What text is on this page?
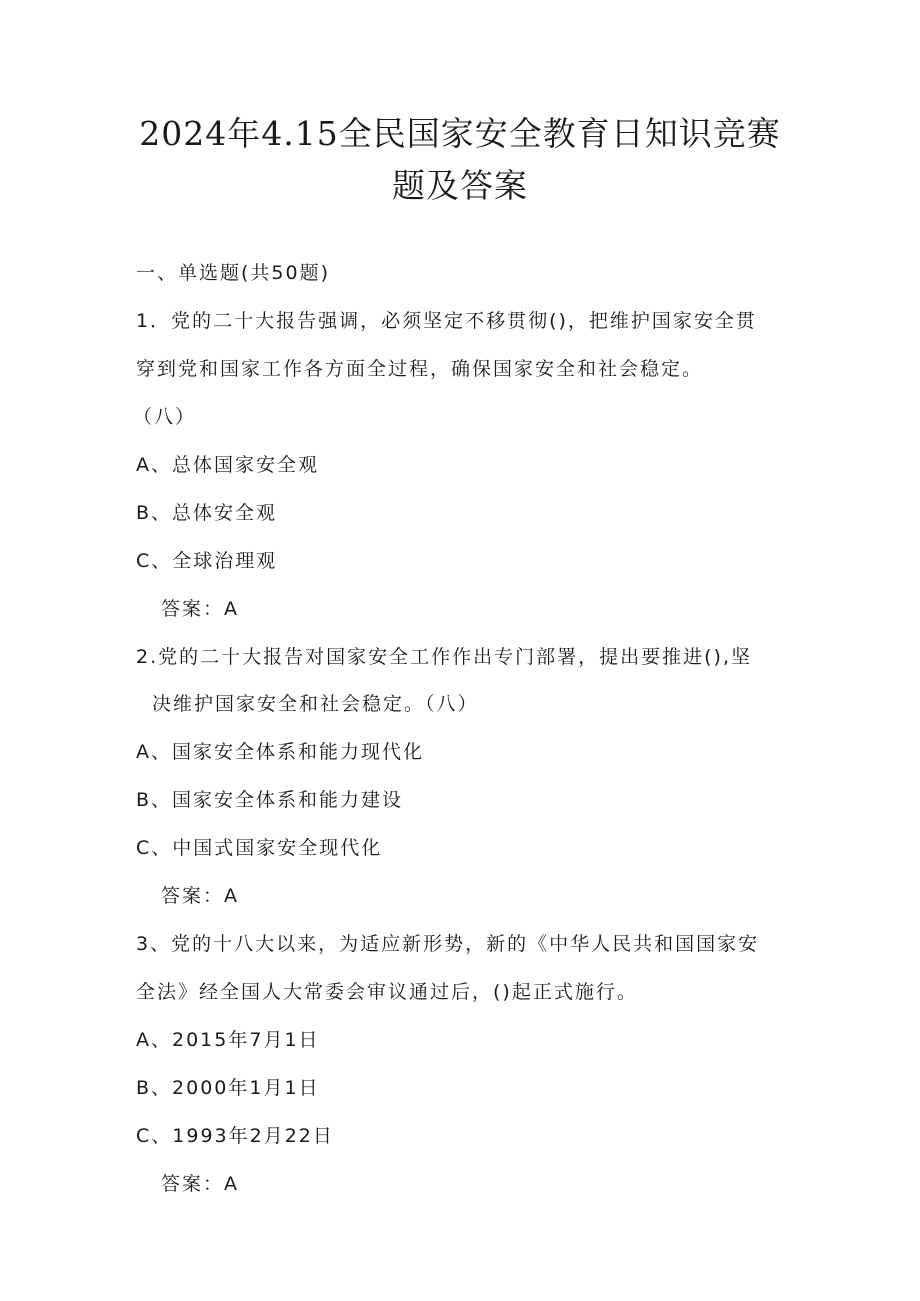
2024年4.15全民国家安全教育日知识竞赛
题及答案
一、单选题(共50题)
1．党的二十大报告强调，必须坚定不移贯彻()，把维护国家安全贯
穿到党和国家工作各方面全过程，确保国家安全和社会稳定。
（八）
A、总体国家安全观
B、总体安全观
C、全球治理观
答案：A
2.党的二十大报告对国家安全工作作出专门部署，提出要推进(),坚
决维护国家安全和社会稳定。（八）
A、国家安全体系和能力现代化
B、国家安全体系和能力建设
C、中国式国家安全现代化
答案：A
3、党的十八大以来，为适应新形势，新的《中华人民共和国国家安
全法》经全国人大常委会审议通过后，()起正式施行。
A、2015年7月1日
B、2000年1月1日
C、1993年2月22日
答案：A
